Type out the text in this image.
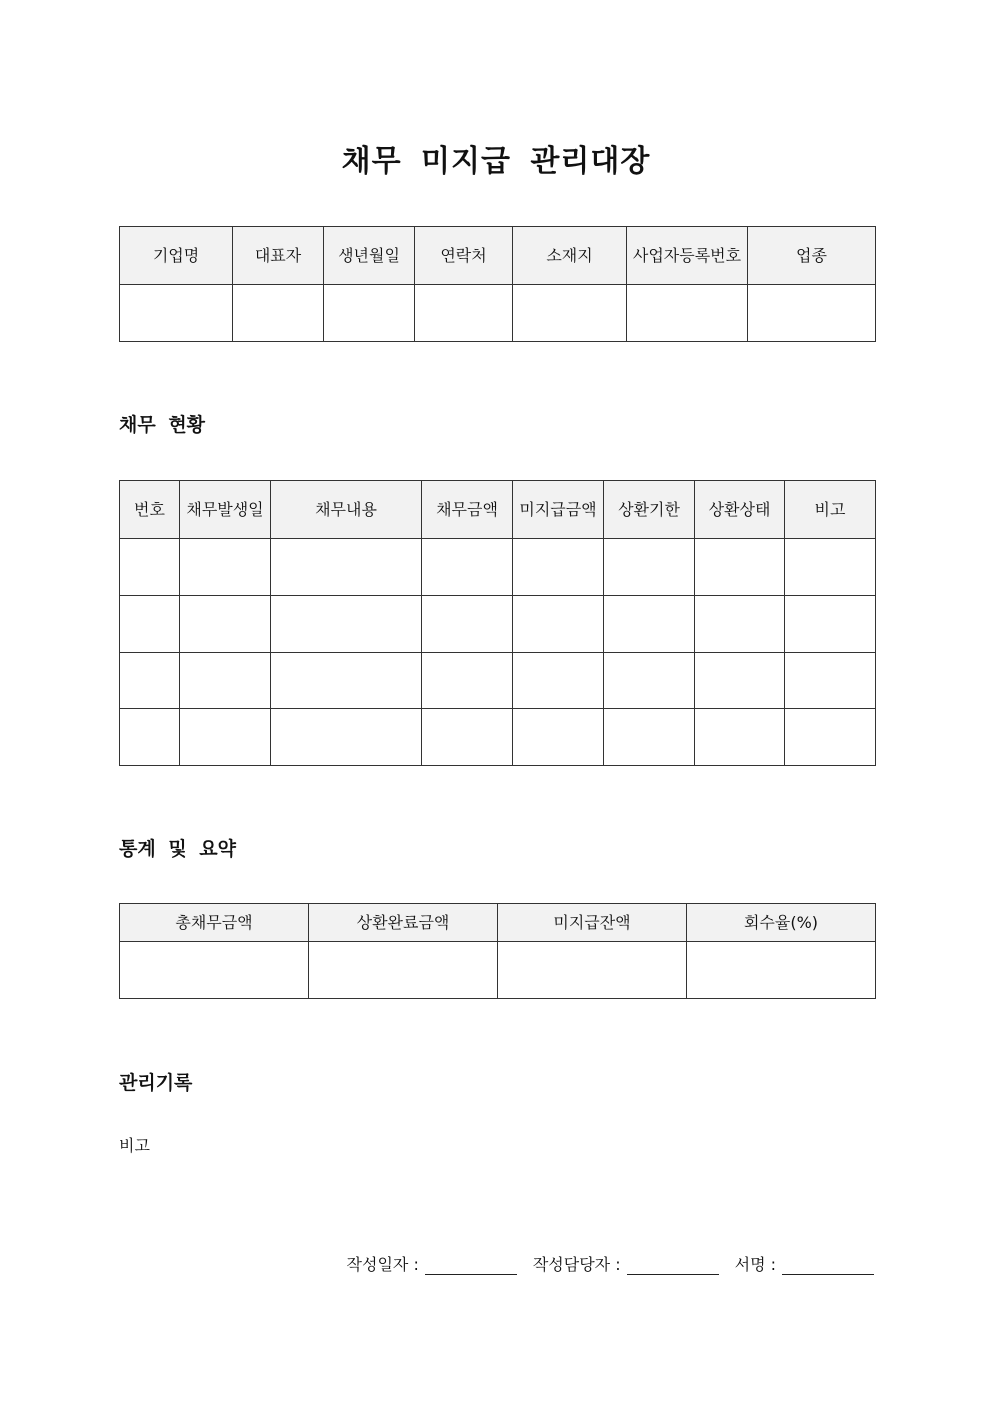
채무 미지급 관리대장
기업명	대표자	생년월일	연락처	소재지	사업자등록번호	업종

채무 현황
번호	채무발생일	채무내용	채무금액	미지급금액	상환기한	상환상태	비고

통계 및 요약
총채무금액	상환완료금액	미지급잔액	회수율(%)

관리기록
비고
작성일자 :	작성담당자 :	서명 :
